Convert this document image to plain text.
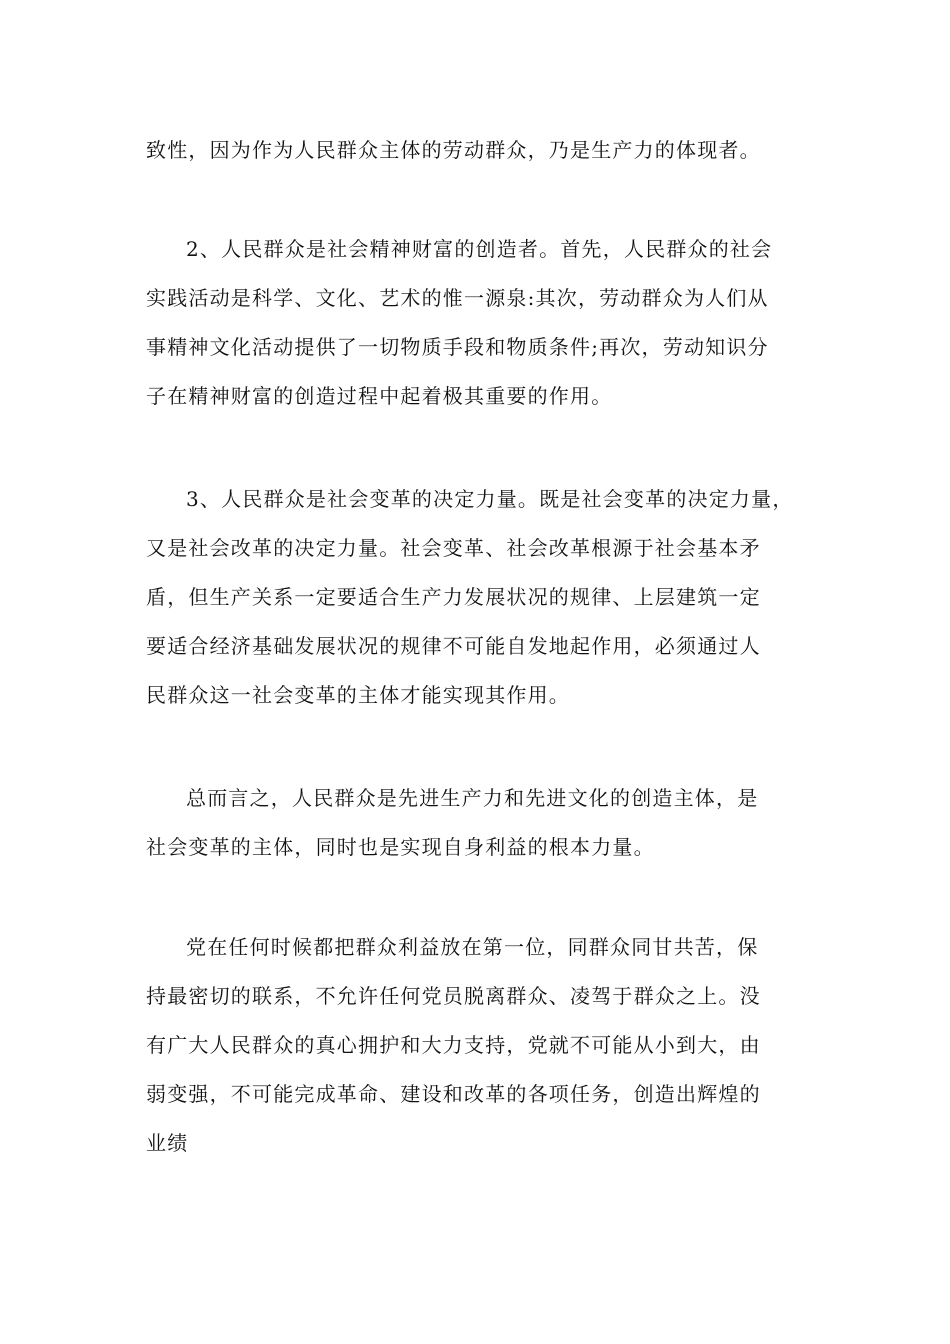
致性，因为作为人民群众主体的劳动群众，乃是生产力的体现者。
2、人民群众是社会精神财富的创造者。首先，人民群众的社会
实践活动是科学、文化、艺术的惟一源泉:其次，劳动群众为人们从
事精神文化活动提供了一切物质手段和物质条件;再次，劳动知识分
子在精神财富的创造过程中起着极其重要的作用。
3、人民群众是社会变革的决定力量。既是社会变革的决定力量，
又是社会改革的决定力量。社会变革、社会改革根源于社会基本矛
盾，但生产关系一定要适合生产力发展状况的规律、上层建筑一定
要适合经济基础发展状况的规律不可能自发地起作用，必须通过人
民群众这一社会变革的主体才能实现其作用。
总而言之，人民群众是先进生产力和先进文化的创造主体，是
社会变革的主体，同时也是实现自身利益的根本力量。
党在任何时候都把群众利益放在第一位，同群众同甘共苦，保
持最密切的联系，不允许任何党员脱离群众、凌驾于群众之上。没
有广大人民群众的真心拥护和大力支持，党就不可能从小到大，由
弱变强，不可能完成革命、建设和改革的各项任务，创造出辉煌的
业绩
